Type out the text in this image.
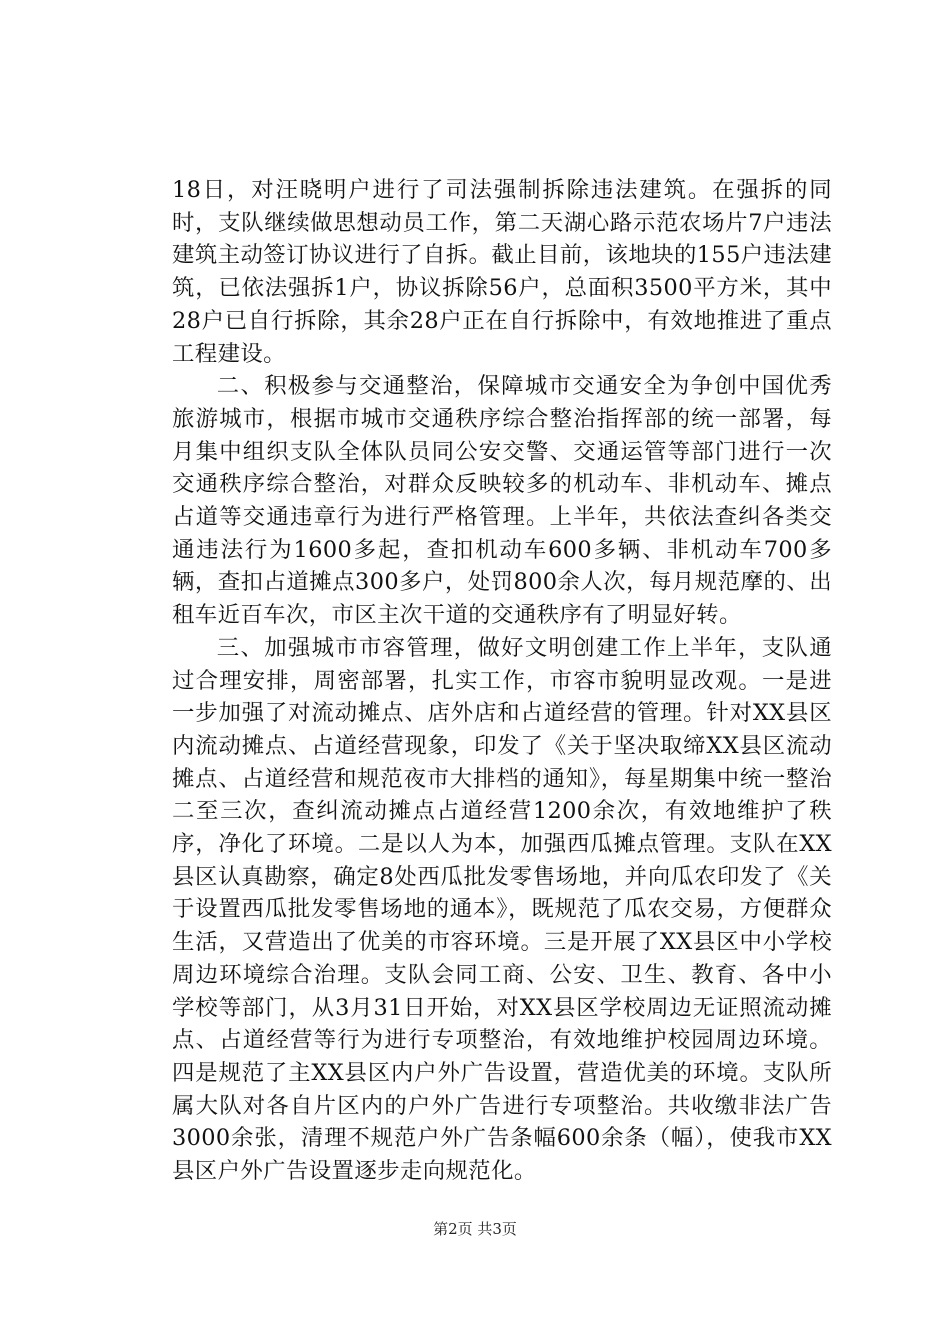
18日，对汪晓明户进行了司法强制拆除违法建筑。在强拆的同时，支队继续做思想动员工作，第二天湖心路示范农场片7户违法建筑主动签订协议进行了自拆。截止目前，该地块的155户违法建筑，已依法强拆1户，协议拆除56户，总面积3500平方米，其中28户已自行拆除，其余28户正在自行拆除中，有效地推进了重点工程建设。

二、积极参与交通整治，保障城市交通安全为争创中国优秀旅游城市，根据市城市交通秩序综合整治指挥部的统一部署，每月集中组织支队全体队员同公安交警、交通运管等部门进行一次交通秩序综合整治，对群众反映较多的机动车、非机动车、摊点占道等交通违章行为进行严格管理。上半年，共依法查纠各类交通违法行为1600多起，查扣机动车600多辆、非机动车700多辆，查扣占道摊点300多户，处罚800余人次，每月规范摩的、出租车近百车次，市区主次干道的交通秩序有了明显好转。

三、加强城市市容管理，做好文明创建工作上半年，支队通过合理安排，周密部署，扎实工作，市容市貌明显改观。一是进一步加强了对流动摊点、店外店和占道经营的管理。针对XX县区内流动摊点、占道经营现象，印发了《关于坚决取缔XX县区流动摊点、占道经营和规范夜市大排档的通知》，每星期集中统一整治二至三次，查纠流动摊点占道经营1200余次，有效地维护了秩序，净化了环境。二是以人为本，加强西瓜摊点管理。支队在XX县区认真勘察，确定8处西瓜批发零售场地，并向瓜农印发了《关于设置西瓜批发零售场地的通本》，既规范了瓜农交易，方便群众生活，又营造出了优美的市容环境。三是开展了XX县区中小学校周边环境综合治理。支队会同工商、公安、卫生、教育、各中小学校等部门，从3月31日开始，对XX县区学校周边无证照流动摊点、占道经营等行为进行专项整治，有效地维护校园周边环境。四是规范了主XX县区内户外广告设置，营造优美的环境。支队所属大队对各自片区内的户外广告进行专项整治。共收缴非法广告3000余张，清理不规范户外广告条幅600余条（幅），使我市XX县区户外广告设置逐步走向规范化。

第2页 共3页
